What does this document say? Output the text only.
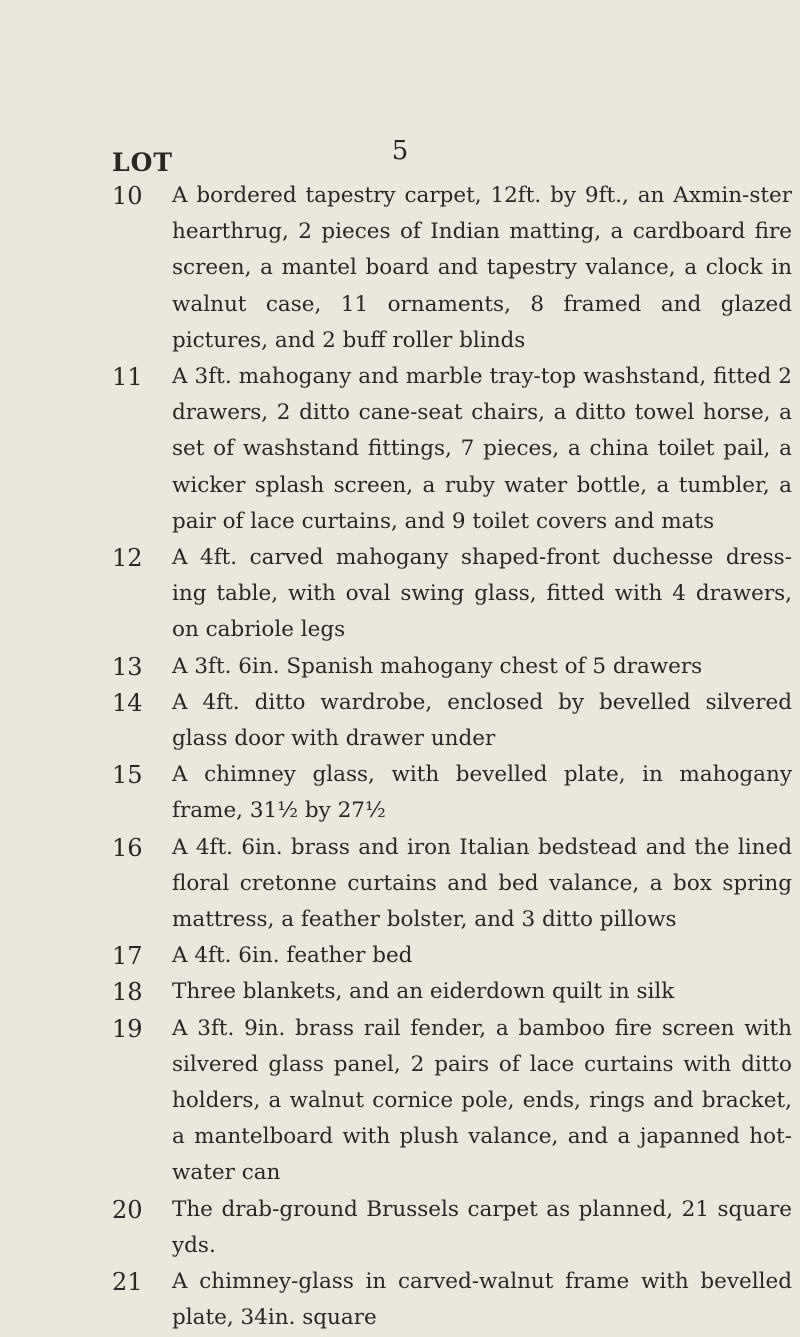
5
LOT
10	A bordered tapestry carpet, 12ft. by 9ft., an Axmin-ster hearthrug, 2 pieces of Indian matting, a cardboard fire screen, a mantel board and tapestry valance, a clock in walnut case, 11 ornaments, 8 framed and glazed pictures, and 2 buff roller blinds
11	A 3ft. mahogany and marble tray-top washstand, fitted 2 drawers, 2 ditto cane-seat chairs, a ditto towel horse, a set of washstand fittings, 7 pieces, a china toilet pail, a wicker splash screen, a ruby water bottle, a tumbler, a pair of lace curtains, and 9 toilet covers and mats
12	A 4ft. carved mahogany shaped-front duchesse dress-ing table, with oval swing glass, fitted with 4 drawers, on cabriole legs
13	A 3ft. 6in. Spanish mahogany chest of 5 drawers
14	A 4ft. ditto wardrobe, enclosed by bevelled silvered glass door with drawer under
15	A chimney glass, with bevelled plate, in mahogany frame, 31½ by 27½
16	A 4ft. 6in. brass and iron Italian bedstead and the lined floral cretonne curtains and bed valance, a box spring mattress, a feather bolster, and 3 ditto pillows
17	A 4ft. 6in. feather bed
18	Three blankets, and an eiderdown quilt in silk
19	A 3ft. 9in. brass rail fender, a bamboo fire screen with silvered glass panel, 2 pairs of lace curtains with ditto holders, a walnut cornice pole, ends, rings and bracket, a mantelboard with plush valance, and a japanned hot-water can
20	The drab-ground Brussels carpet as planned, 21 square yds.
21	A chimney-glass in carved-walnut frame with bevelled plate, 34in. square
